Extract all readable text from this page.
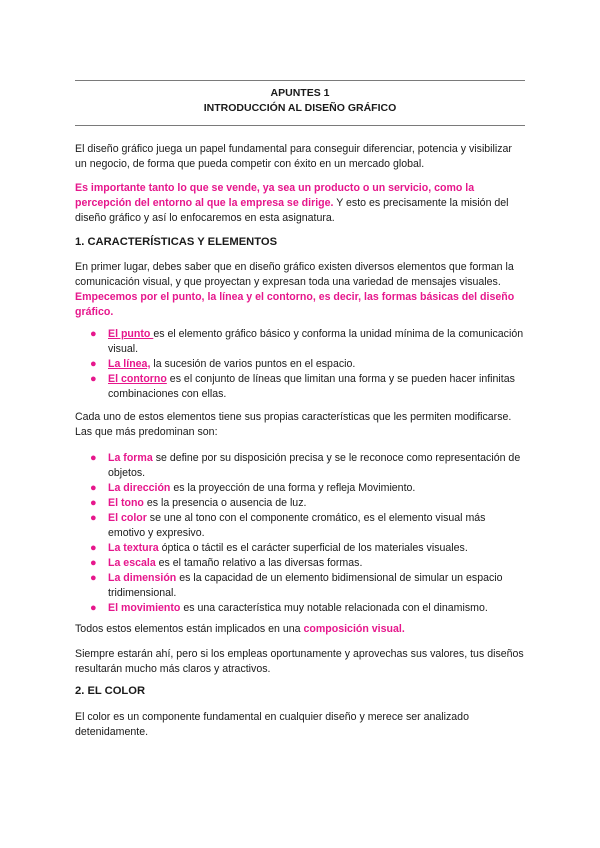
APUNTES 1
INTRODUCCIÓN AL DISEÑO GRÁFICO
El diseño gráfico juega un papel fundamental para conseguir diferenciar, potencia y visibilizar un negocio, de forma que pueda competir con éxito en un mercado global.
Es importante tanto lo que se vende, ya sea un producto o un servicio, como la percepción del entorno al que la empresa se dirige. Y esto es precisamente la misión del diseño gráfico y así lo enfocaremos en esta asignatura.
1. CARACTERÍSTICAS Y ELEMENTOS
En primer lugar, debes saber que en diseño gráfico existen diversos elementos que forman la comunicación visual, y que proyectan y expresan toda una variedad de mensajes visuales. Empecemos por el punto, la línea y el contorno, es decir, las formas básicas del diseño gráfico.
● El punto es el elemento gráfico básico y conforma la unidad mínima de la comunicación visual.
● La línea, la sucesión de varios puntos en el espacio.
● El contorno es el conjunto de líneas que limitan una forma y se pueden hacer infinitas combinaciones con ellas.
Cada uno de estos elementos tiene sus propias características que les permiten modificarse. Las que más predominan son:
● La forma se define por su disposición precisa y se le reconoce como representación de objetos.
● La dirección es la proyección de una forma y refleja Movimiento.
● El tono es la presencia o ausencia de luz.
● El color se une al tono con el componente cromático, es el elemento visual más emotivo y expresivo.
● La textura óptica o táctil es el carácter superficial de los materiales visuales.
● La escala es el tamaño relativo a las diversas formas.
● La dimensión es la capacidad de un elemento bidimensional de simular un espacio tridimensional.
● El movimiento es una característica muy notable relacionada con el dinamismo.
Todos estos elementos están implicados en una composición visual.
Siempre estarán ahí, pero si los empleas oportunamente y aprovechas sus valores, tus diseños resultarán mucho más claros y atractivos.
2. EL COLOR
El color es un componente fundamental en cualquier diseño y merece ser analizado detenidamente.
